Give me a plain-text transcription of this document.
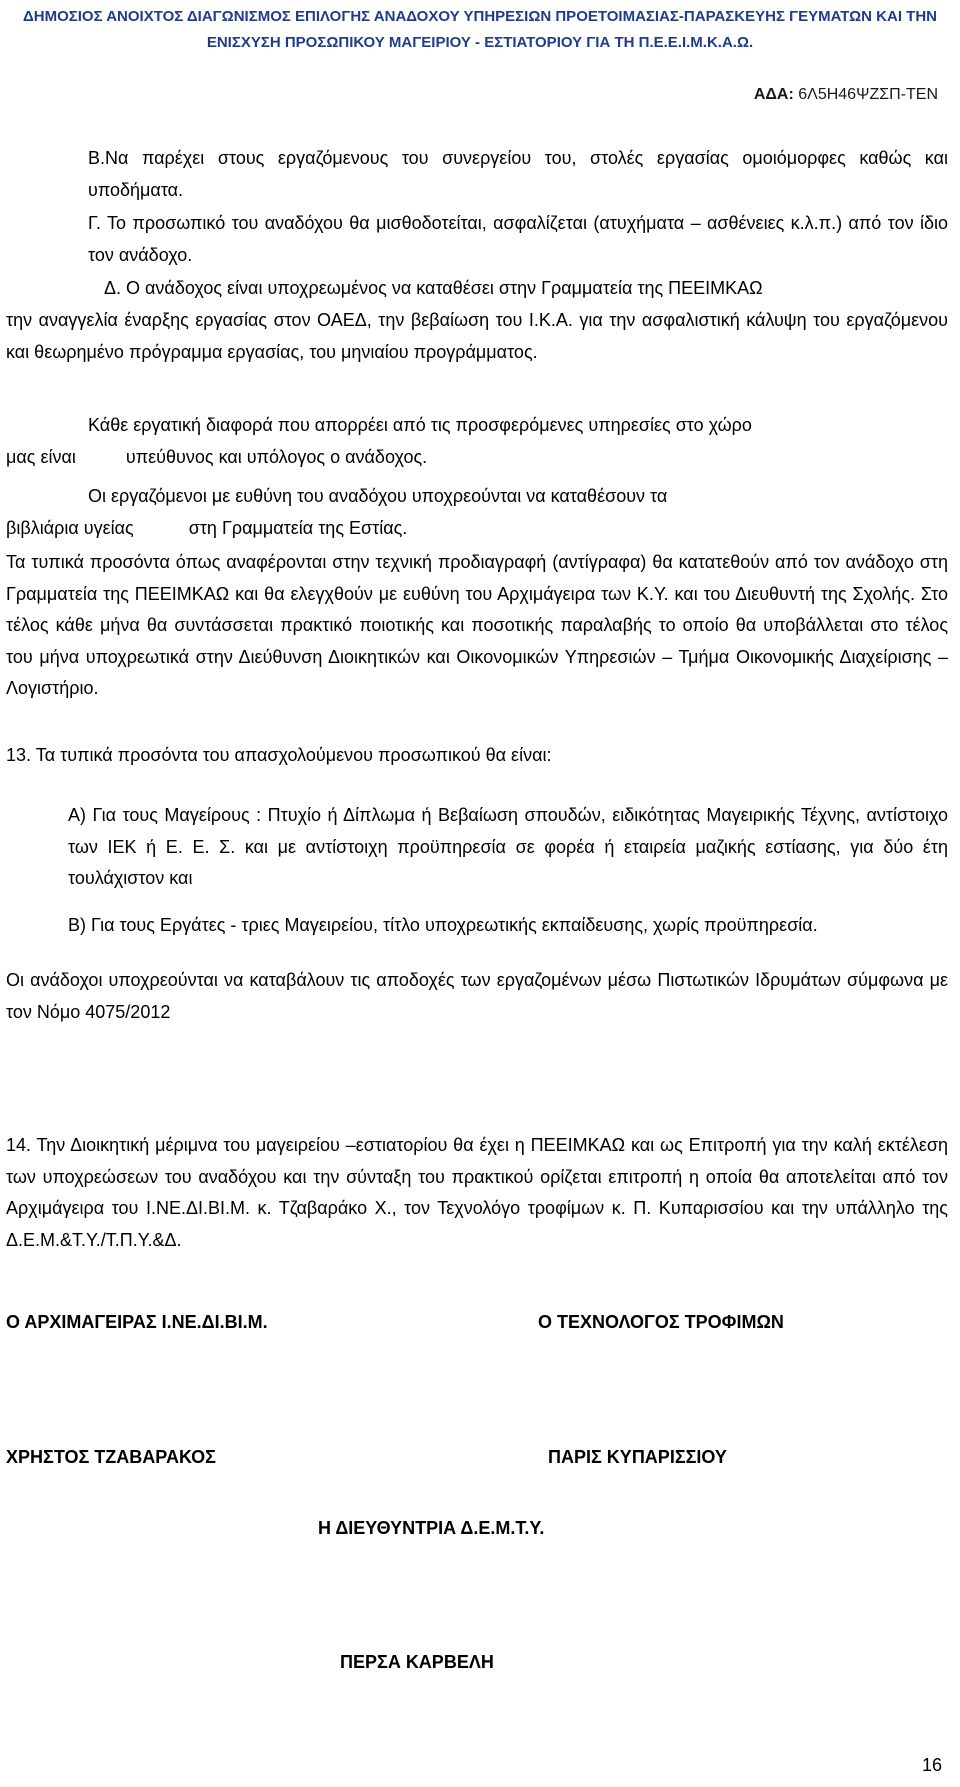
ΔΗΜΟΣΙΟΣ ΑΝΟΙΧΤΟΣ ΔΙΑΓΩΝΙΣΜΟΣ ΕΠΙΛΟΓΗΣ ΑΝΑΔΟΧΟΥ ΥΠΗΡΕΣΙΩΝ ΠΡΟΕΤΟΙΜΑΣΙΑΣ-ΠΑΡΑΣΚΕΥΗΣ ΓΕΥΜΑΤΩΝ ΚΑΙ ΤΗΝ
ΕΝΙΣΧΥΣΗ ΠΡΟΣΩΠΙΚΟΥ ΜΑΓΕΙΡΙΟΥ - ΕΣΤΙΑΤΟΡΙΟΥ ΓΙΑ ΤΗ Π.Ε.Ε.Ι.Μ.Κ.Α.Ω.
ΑΔΑ: 6Λ5Η46ΨΖΣΠ-ΤΕΝ

Β.Να παρέχει στους εργαζόμενους του συνεργείου του, στολές εργασίας ομοιόμορφες καθώς και υποδήματα.

Γ. Το προσωπικό του αναδόχου θα μισθοδοτείται, ασφαλίζεται (ατυχήματα – ασθένειες κ.λ.π.) από τον ίδιο τον ανάδοχο.

Δ. Ο ανάδοχος είναι υποχρεωμένος να καταθέσει στην Γραμματεία της ΠΕΕΙΜΚΑΩ

την αναγγελία έναρξης εργασίας στον ΟΑΕΔ, την βεβαίωση του Ι.Κ.Α. για την ασφαλιστική κάλυψη του εργαζόμενου και θεωρημένο πρόγραμμα εργασίας, του μηνιαίου προγράμματος.

Κάθε εργατική διαφορά που απορρέει από τις προσφερόμενες υπηρεσίες στο χώρο

μας είναι          υπεύθυνος και υπόλογος ο ανάδοχος.

Οι εργαζόμενοι με ευθύνη του αναδόχου υποχρεούνται να καταθέσουν τα

βιβλιάρια υγείας           στη Γραμματεία της Εστίας.

Τα τυπικά προσόντα όπως αναφέρονται στην τεχνική προδιαγραφή (αντίγραφα) θα κατατεθούν από τον ανάδοχο στη Γραμματεία της ΠΕΕΙΜΚΑΩ και θα ελεγχθούν με ευθύνη του Αρχιμάγειρα των Κ.Υ. και του Διευθυντή της Σχολής. Στο τέλος κάθε μήνα θα συντάσσεται πρακτικό ποιοτικής και ποσοτικής παραλαβής το οποίο θα υποβάλλεται στο τέλος του μήνα υποχρεωτικά στην Διεύθυνση Διοικητικών και Οικονομικών Υπηρεσιών – Τμήμα Οικονομικής Διαχείρισης –Λογιστήριο.

13. Τα τυπικά προσόντα του απασχολούμενου προσωπικού θα είναι:

Α) Για τους Μαγείρους : Πτυχίο ή Δίπλωμα ή Βεβαίωση σπουδών, ειδικότητας Μαγειρικής Τέχνης, αντίστοιχο των ΙΕΚ ή Ε. Ε. Σ. και με αντίστοιχη προϋπηρεσία σε φορέα ή εταιρεία μαζικής εστίασης, για δύο έτη τουλάχιστον και

Β) Για τους Εργάτες - τριες Μαγειρείου, τίτλο υποχρεωτικής εκπαίδευσης, χωρίς προϋπηρεσία.

Οι ανάδοχοι υποχρεούνται να καταβάλουν τις αποδοχές των εργαζομένων μέσω Πιστωτικών Ιδρυμάτων σύμφωνα με τον Νόμο 4075/2012

14. Την Διοικητική μέριμνα του μαγειρείου –εστιατορίου θα έχει η ΠΕΕΙΜΚΑΩ και ως Επιτροπή για την καλή εκτέλεση των υποχρεώσεων του αναδόχου και την σύνταξη του πρακτικού ορίζεται επιτροπή η οποία θα αποτελείται από τον Αρχιμάγειρα του Ι.ΝΕ.ΔΙ.ΒΙ.Μ. κ. Τζαβαράκο Χ., τον Τεχνολόγο τροφίμων κ. Π. Κυπαρισσίου και την υπάλληλο της Δ.Ε.Μ.&Τ.Υ./Τ.Π.Υ.&Δ.

Ο ΑΡΧΙΜΑΓΕΙΡΑΣ Ι.ΝΕ.ΔΙ.ΒΙ.Μ.	Ο ΤΕΧΝΟΛΟΓΟΣ ΤΡΟΦΙΜΩΝ
ΧΡΗΣΤΟΣ ΤΖΑΒΑΡΑΚΟΣ	ΠΑΡΙΣ ΚΥΠΑΡΙΣΣΙΟΥ
Η ΔΙΕΥΘΥΝΤΡΙΑ Δ.Ε.Μ.Τ.Υ.
ΠΕΡΣΑ ΚΑΡΒΕΛΗ
16
